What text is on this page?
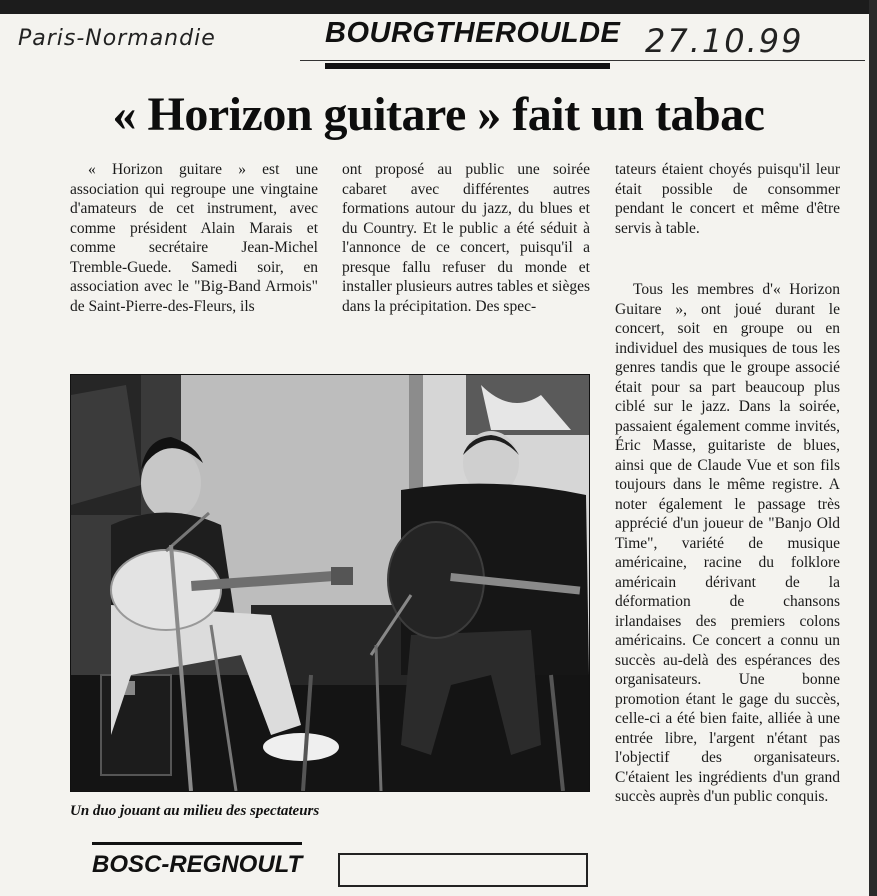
Paris-Normandie	BOURGTHEROULDE 27.10.99
« Horizon guitare » fait un tabac

« Horizon guitare » est une association qui regroupe une vingtaine d'amateurs de cet instrument, avec comme président Alain Marais et comme secrétaire Jean-Michel Tremble-Guede. Samedi soir, en association avec le "Big-Band Armois" de Saint-Pierre-des-Fleurs, ils

ont proposé au public une soirée cabaret avec différentes autres formations autour du jazz, du blues et du Country. Et le public a été séduit à l'annonce de ce concert, puisqu'il a presque fallu refuser du monde et installer plusieurs autres tables et sièges dans la précipitation. Des spec-

tateurs étaient choyés puisqu'il leur était possible de consommer pendant le concert et même d'être servis à table.

Tous les membres d'« Horizon Guitare », ont joué durant le concert, soit en groupe ou en individuel des musiques de tous les genres tandis que le groupe associé était pour sa part beaucoup plus ciblé sur le jazz. Dans la soirée, passaient également comme invités, Éric Masse, guitariste de blues, ainsi que de Claude Vue et son fils toujours dans le même registre. A noter également le passage très apprécié d'un joueur de "Banjo Old Time", variété de musique américaine, racine du folklore américain dérivant de la déformation de chansons irlandaises des premiers colons américains. Ce concert a connu un succès au-delà des espérances des organisateurs. Une bonne promotion étant le gage du succès, celle-ci a été bien faite, alliée à une entrée libre, l'argent n'étant pas l'objectif des organisateurs. C'étaient les ingrédients d'un grand succès auprès d'un public conquis.

Un duo jouant au milieu des spectateurs
BOSC-REGNOULT
